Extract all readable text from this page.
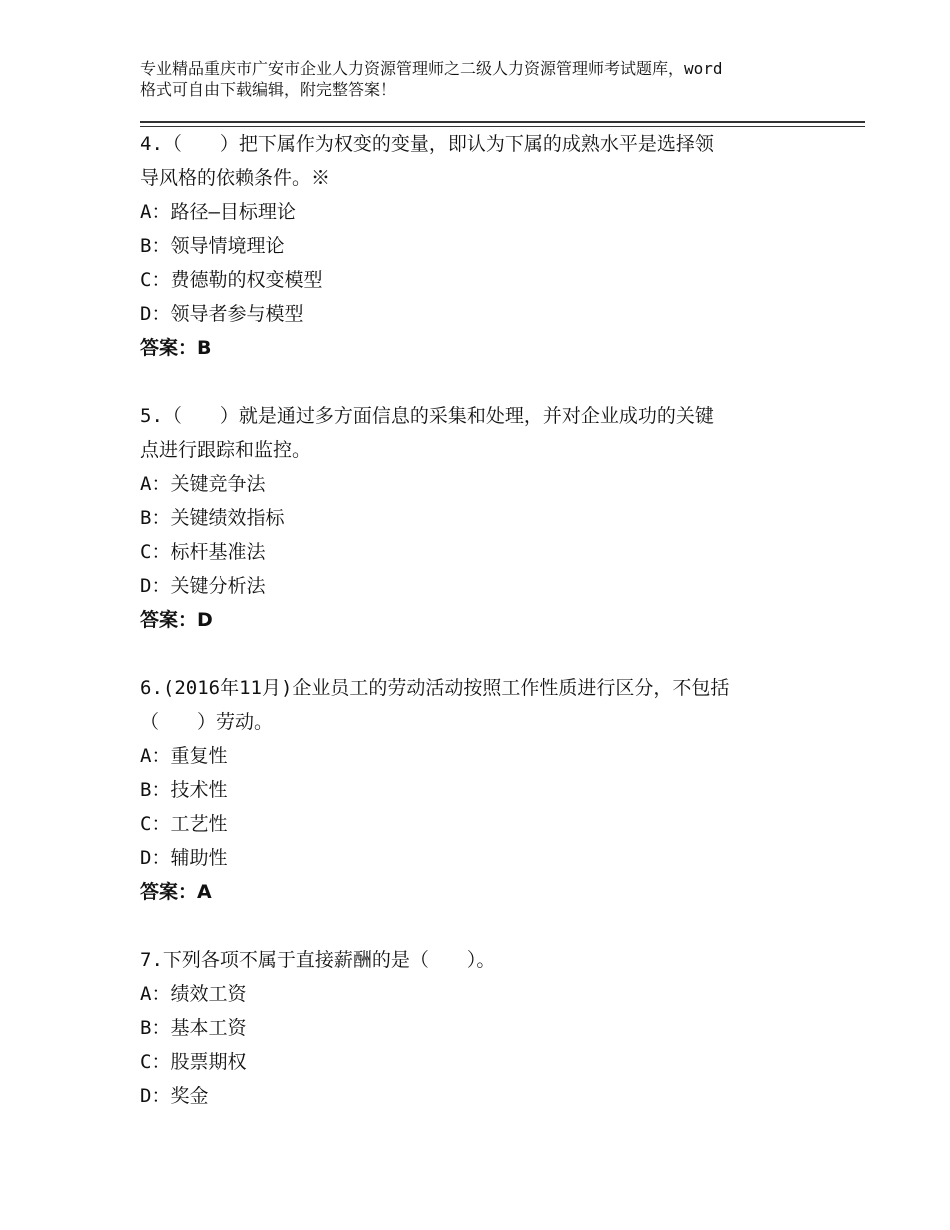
专业精品重庆市广安市企业人力资源管理师之二级人力资源管理师考试题库，word
格式可自由下载编辑，附完整答案！

4.（　　）把下属作为权变的变量，即认为下属的成熟水平是选择领
导风格的依赖条件。※

A：路径—目标理论

B：领导情境理论

C：费德勒的权变模型

D：领导者参与模型

答案：B

5.（　　）就是通过多方面信息的采集和处理，并对企业成功的关键
点进行跟踪和监控。

A：关键竞争法

B：关键绩效指标

C：标杆基准法

D：关键分析法

答案：D

6.(2016年11月)企业员工的劳动活动按照工作性质进行区分，不包括
（　　）劳动。

A：重复性

B：技术性

C：工艺性

D：辅助性

答案：A

7.下列各项不属于直接薪酬的是（　　）。

A：绩效工资

B：基本工资

C：股票期权

D：奖金
